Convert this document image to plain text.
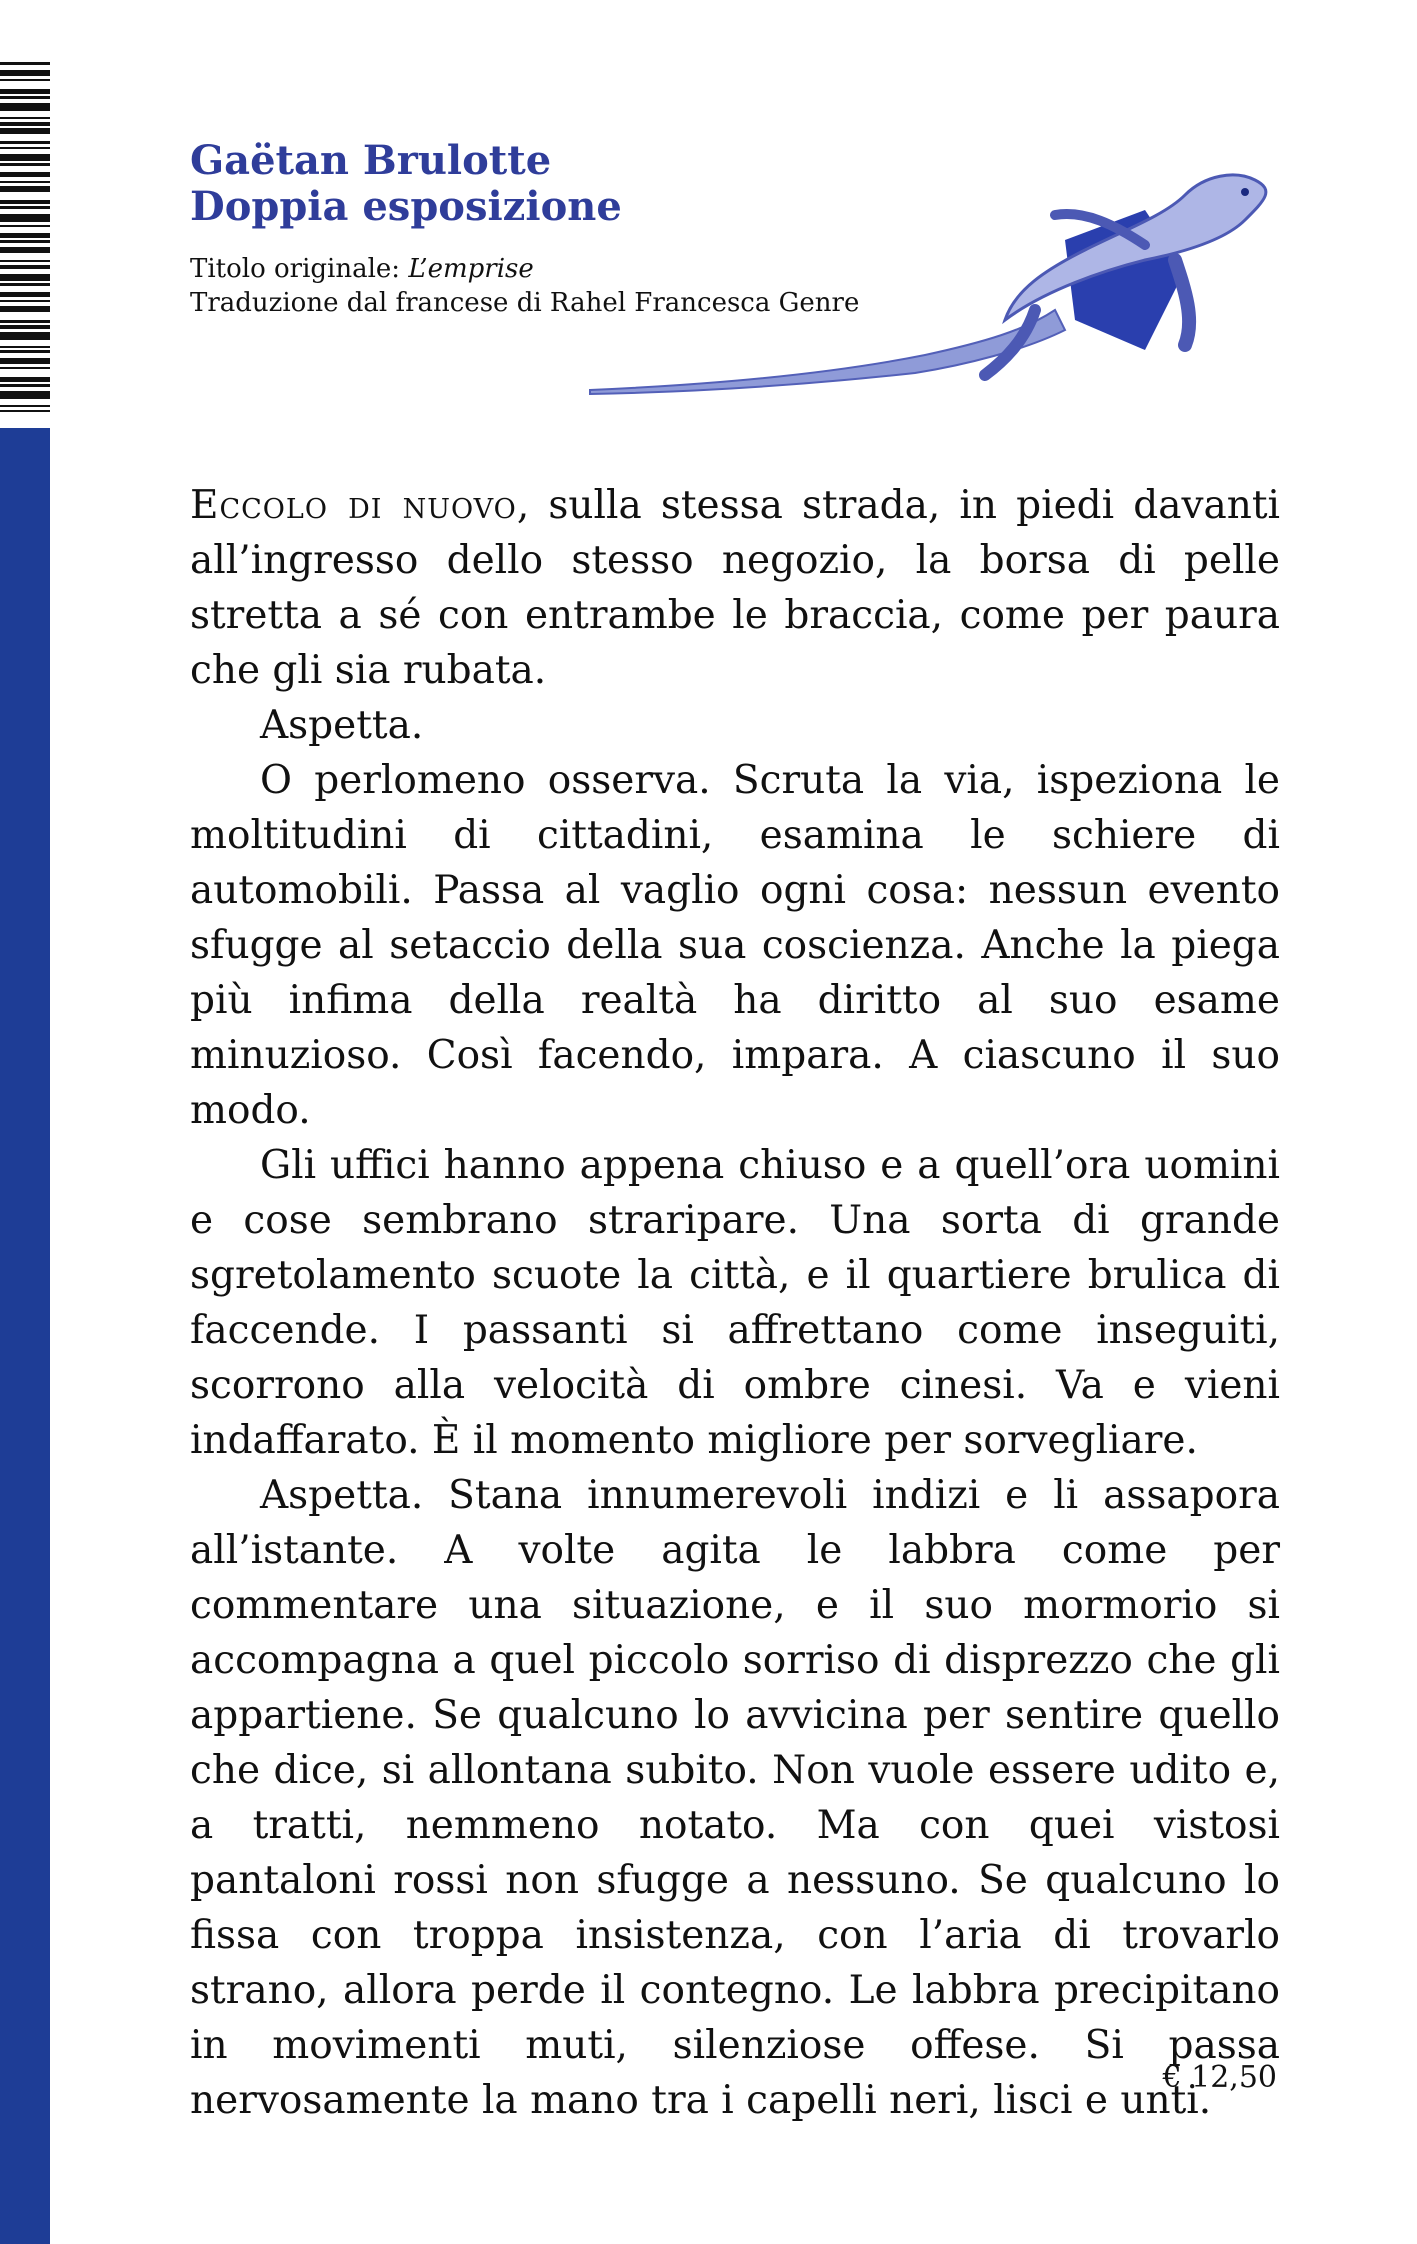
Gaëtan Brulotte
Doppia esposizione
Titolo originale: L’emprise
Traduzione dal francese di Rahel Francesca Genre

Eccolo di nuovo, sulla stessa strada, in piedi davanti all’ingresso dello stesso negozio, la borsa di pelle stretta a sé con entrambe le braccia, come per paura che gli sia rubata.

Aspetta.

O perlomeno osserva. Scruta la via, ispeziona le moltitudini di cittadini, esamina le schiere di automobili. Passa al vaglio ogni cosa: nessun evento sfugge al setaccio della sua coscienza. Anche la piega più infima della realtà ha diritto al suo esame minuzioso. Così facendo, impara. A ciascuno il suo modo.

Gli uffici hanno appena chiuso e a quell’ora uomini e cose sembrano straripare. Una sorta di grande sgretolamento scuote la città, e il quartiere brulica di faccende. I passanti si affrettano come inseguiti, scorrono alla velocità di ombre cinesi. Va e vieni indaffarato. È il momento migliore per sorvegliare.

Aspetta. Stana innumerevoli indizi e li assapora all’istante. A volte agita le labbra come per commentare una situazione, e il suo mormorio si accompagna a quel piccolo sorriso di disprezzo che gli appartiene. Se qualcuno lo avvicina per sentire quello che dice, si allontana subito. Non vuole essere udito e, a tratti, nemmeno notato. Ma con quei vistosi pantaloni rossi non sfugge a nessuno. Se qualcuno lo fissa con troppa insistenza, con l’aria di trovarlo strano, allora perde il contegno. Le labbra precipitano in movimenti muti, silenziose offese. Si passa nervosamente la mano tra i capelli neri, lisci e unti.

€ 12,50
